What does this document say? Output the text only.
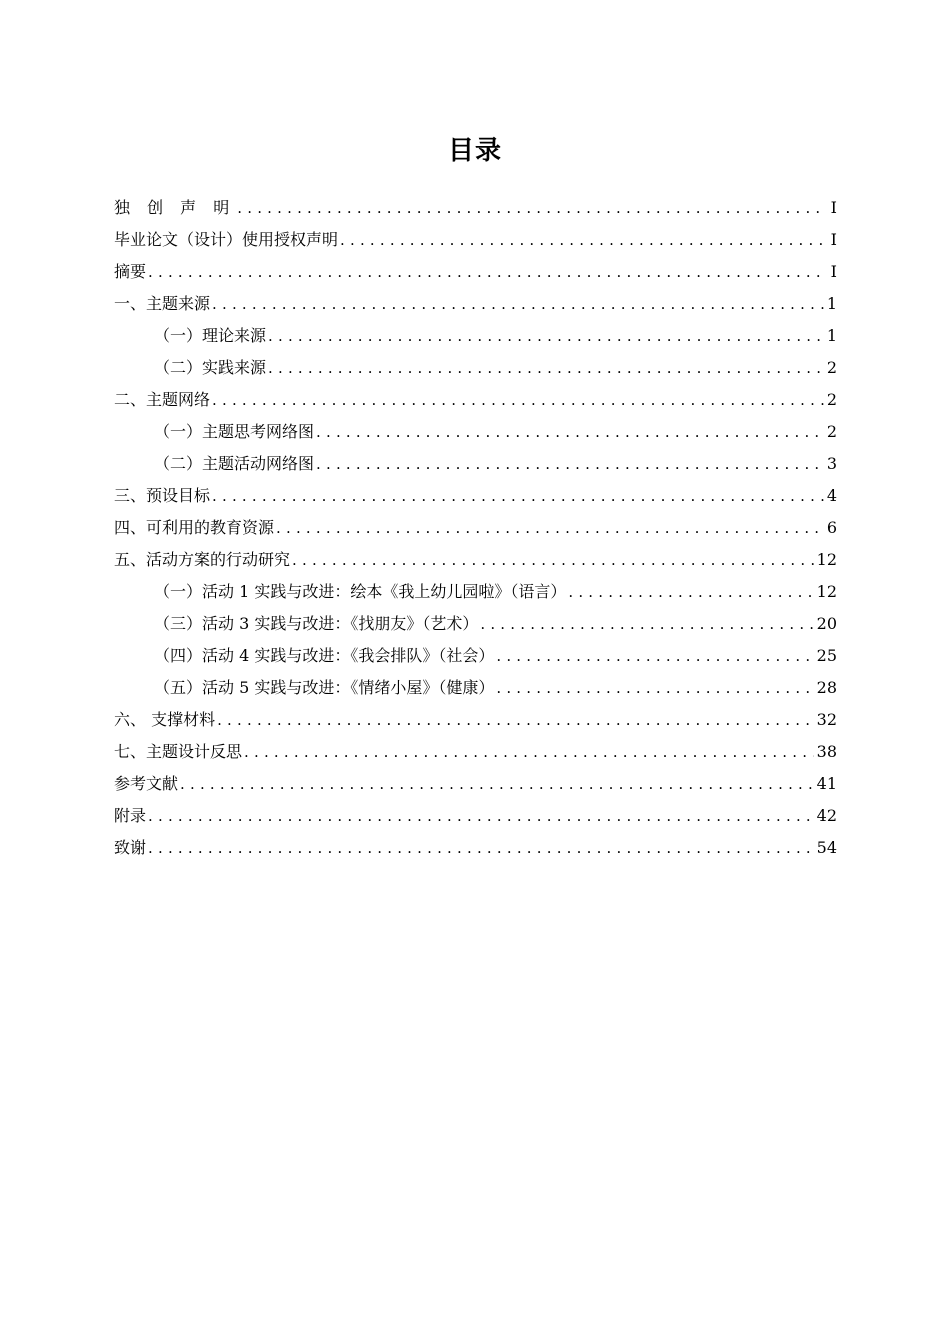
目录
独 创 声 明 .....	I
毕业论文（设计）使用授权声明 .....	I
摘要 .....	I
一、主题来源 .....	1
（一）理论来源 .....	1
（二）实践来源 .....	2
二、主题网络 .....	2
（一）主题思考网络图 .....	2
（二）主题活动网络图 .....	3
三、预设目标 .....	4
四、可利用的教育资源 .....	6
五、活动方案的行动研究 .....	12
（一）活动 1 实践与改进：绘本《我上幼儿园啦》（语言） .....	12
（三）活动 3 实践与改进：《找朋友》（艺术） .....	20
（四）活动 4 实践与改进：《我会排队》（社会） .....	25
（五）活动 5 实践与改进：《情绪小屋》（健康） .....	28
六、 支撑材料 .....	32
七、主题设计反思 .....	38
参考文献 .....	41
附录 .....	42
致谢 .....	54
